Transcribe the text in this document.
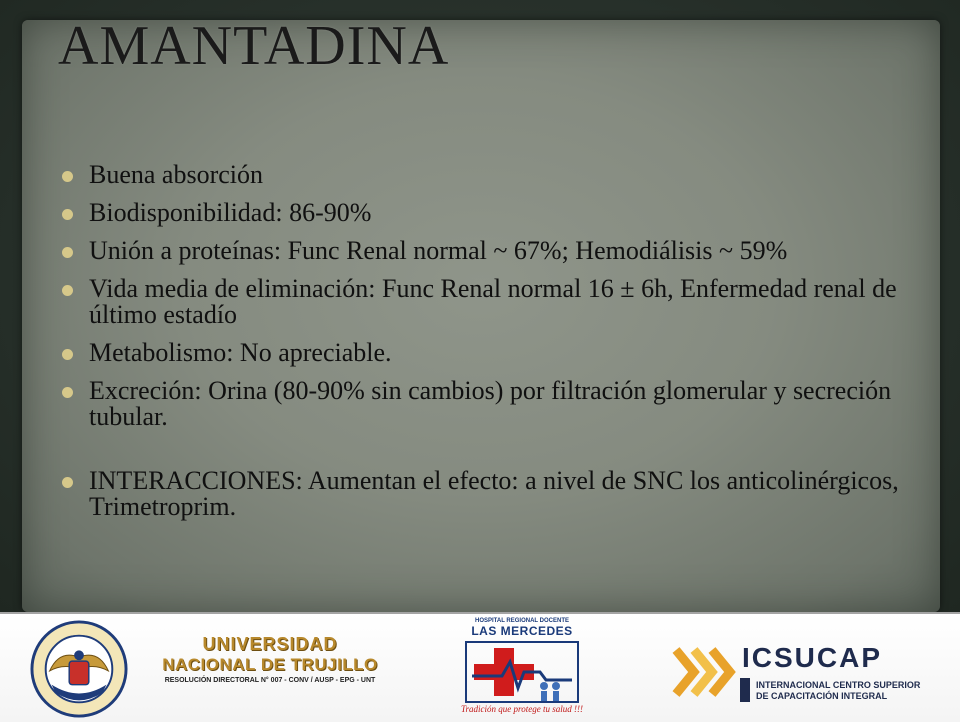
AMANTADINA
Buena absorción
Biodisponibilidad: 86-90%
Unión a proteínas: Func Renal normal ~ 67%; Hemodiálisis ~ 59%
Vida media de eliminación: Func Renal normal 16 ± 6h, Enfermedad renal de último estadío
Metabolismo: No apreciable.
Excreción: Orina (80-90% sin cambios) por filtración glomerular y secreción tubular.
INTERACCIONES: Aumentan el efecto: a nivel de SNC los anticolinérgicos, Trimetroprim.
UNIVERSIDAD
NACIONAL DE TRUJILLO
RESOLUCIÓN DIRECTORAL N° 007 - CONV / AUSP - EPG - UNT
HOSPITAL REGIONAL DOCENTE
LAS MERCEDES
Tradición que protege tu salud !!!
ICSUCAP
INTERNACIONAL CENTRO SUPERIOR
DE CAPACITACIÓN INTEGRAL
